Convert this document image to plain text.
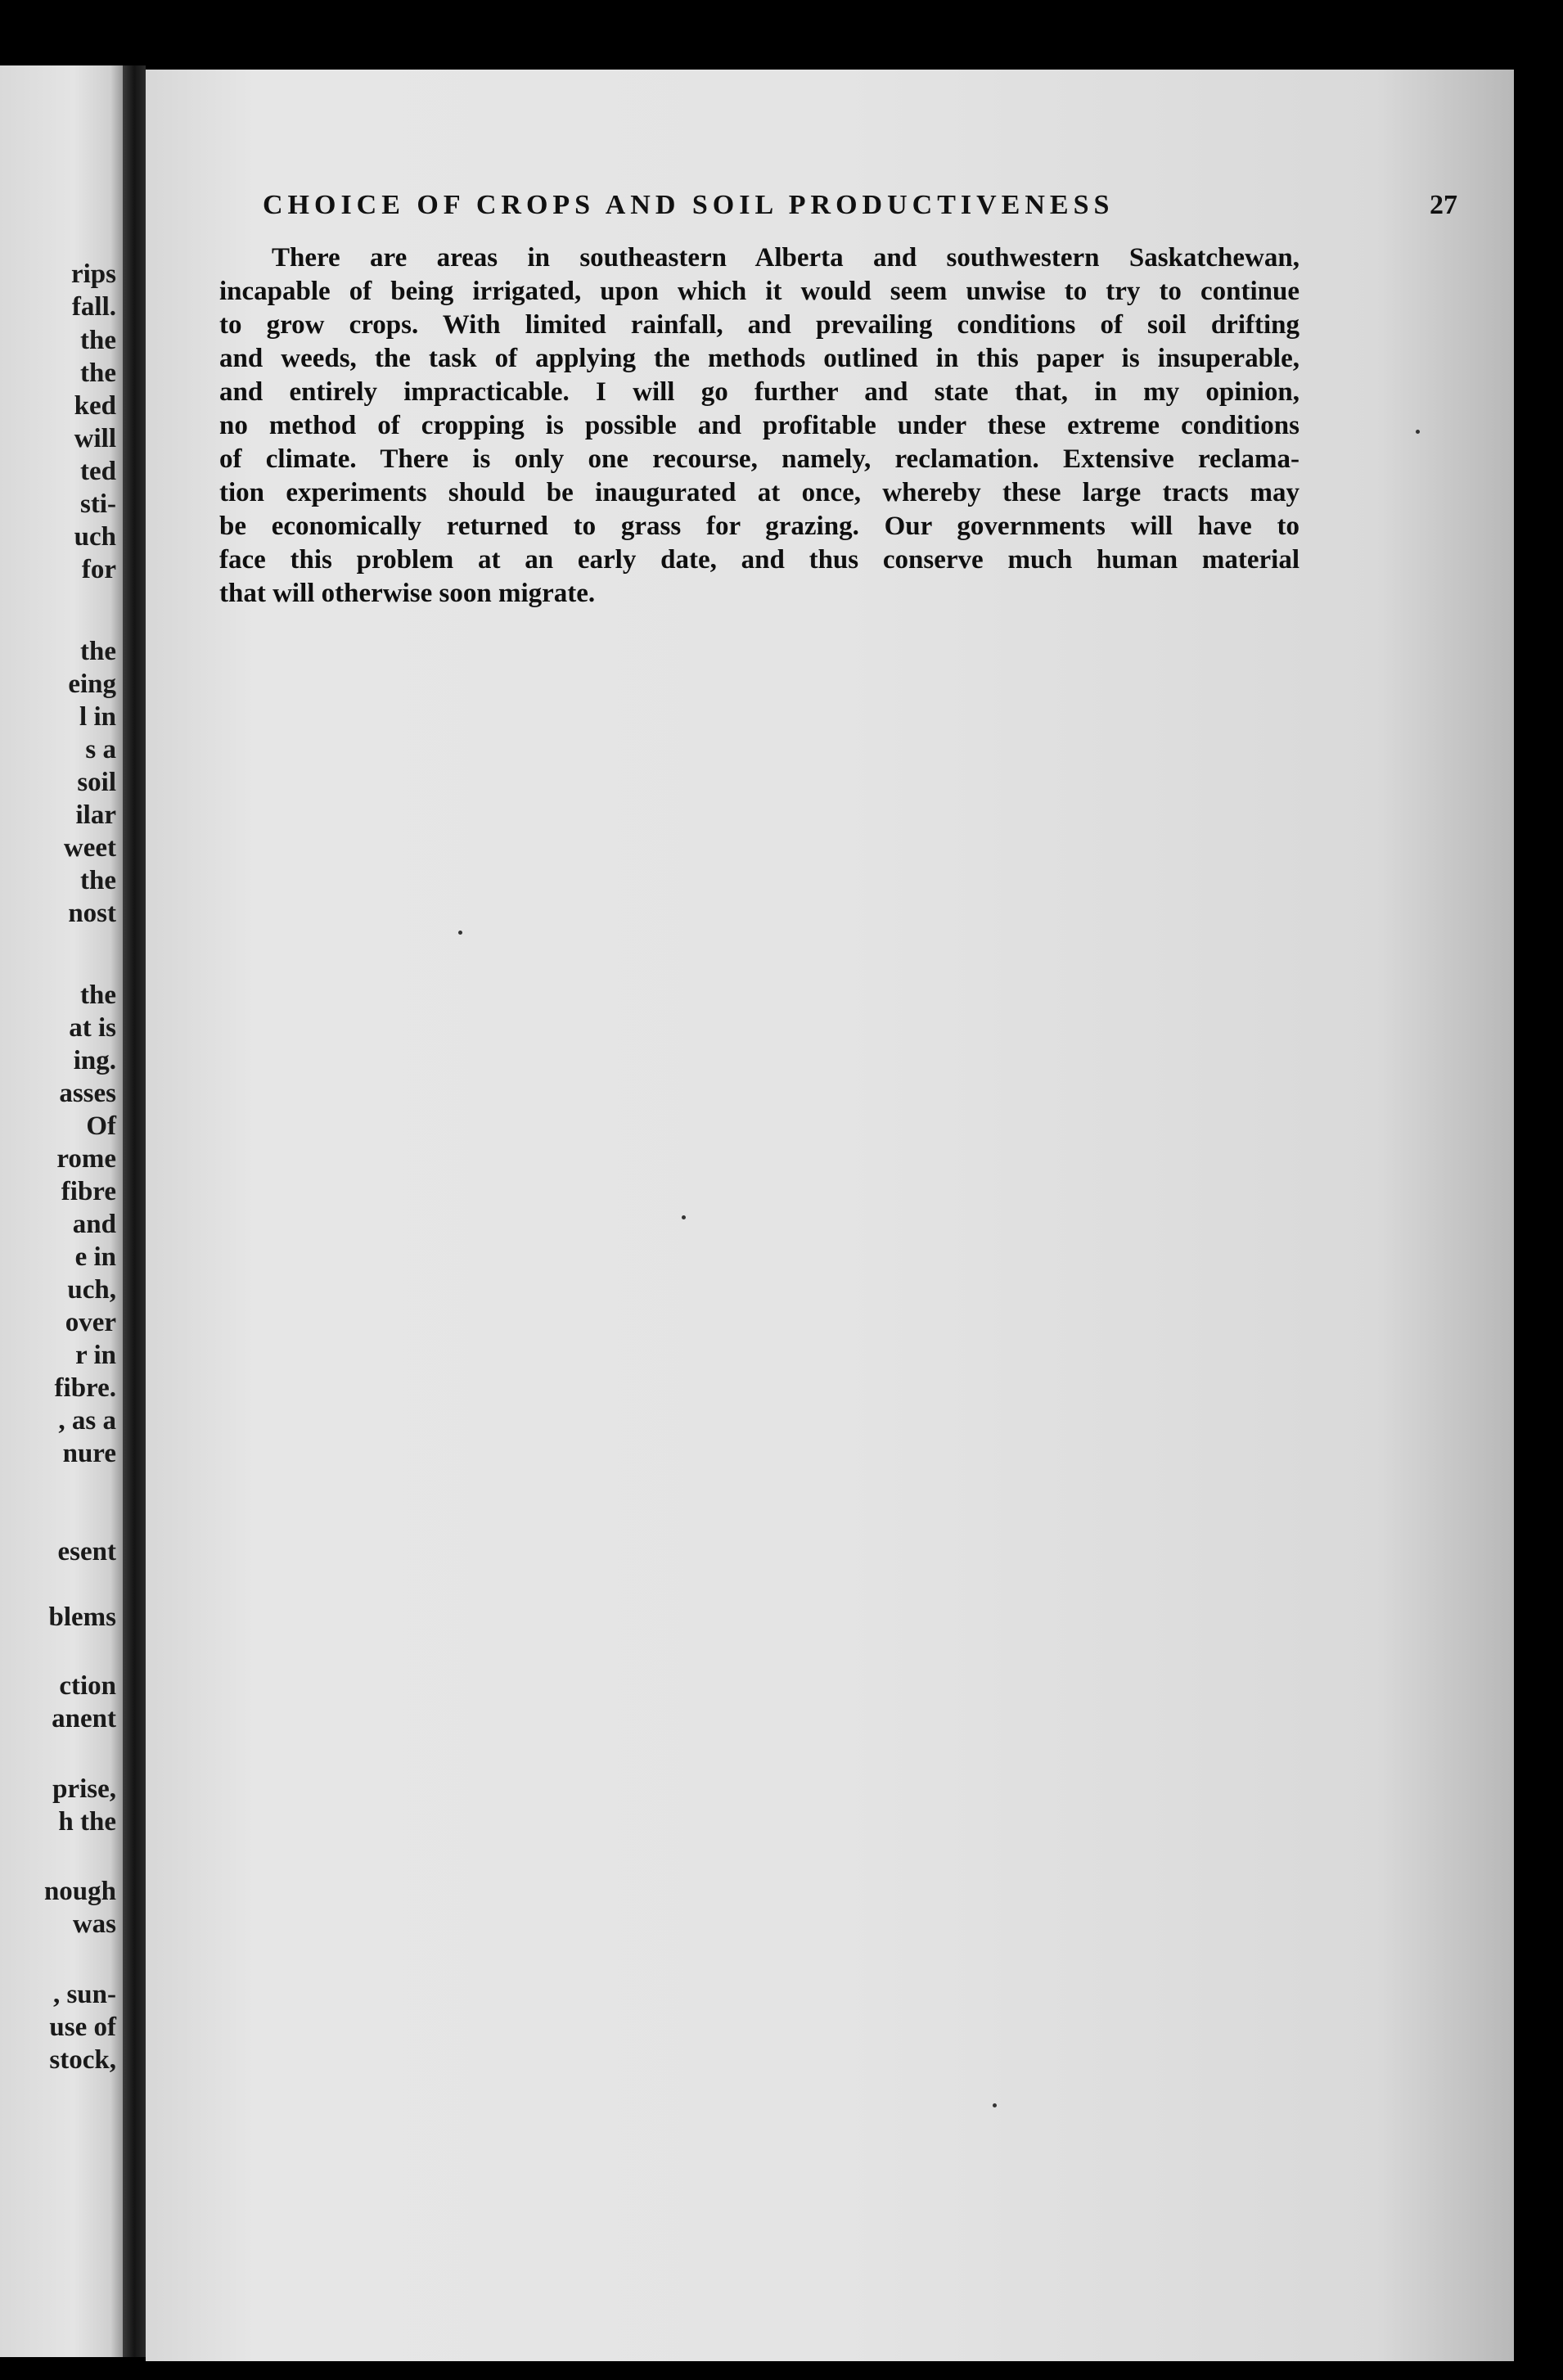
rips
fall.
the
the
ked
will
ted
sti-
uch
for
the
eing
l in
s a
soil
ilar
weet
the
nost
the
at is
ing.
asses
Of
rome
fibre
and
e in
uch,
over
r in
fibre.
, as a
nure
esent
blems
ction
anent
prise,
h the
nough
was
, sun-
use of
stock,
CHOICE OF CROPS AND SOIL PRODUCTIVENESS	27
There are areas in southeastern Alberta and southwestern Saskatchewan,
incapable of being irrigated, upon which it would seem unwise to try to continue
to grow crops. With limited rainfall, and prevailing conditions of soil drifting
and weeds, the task of applying the methods outlined in this paper is insuperable,
and entirely impracticable. I will go further and state that, in my opinion,
no method of cropping is possible and profitable under these extreme conditions
of climate. There is only one recourse, namely, reclamation. Extensive reclama-
tion experiments should be inaugurated at once, whereby these large tracts may
be economically returned to grass for grazing. Our governments will have to
face this problem at an early date, and thus conserve much human material
that will otherwise soon migrate.
